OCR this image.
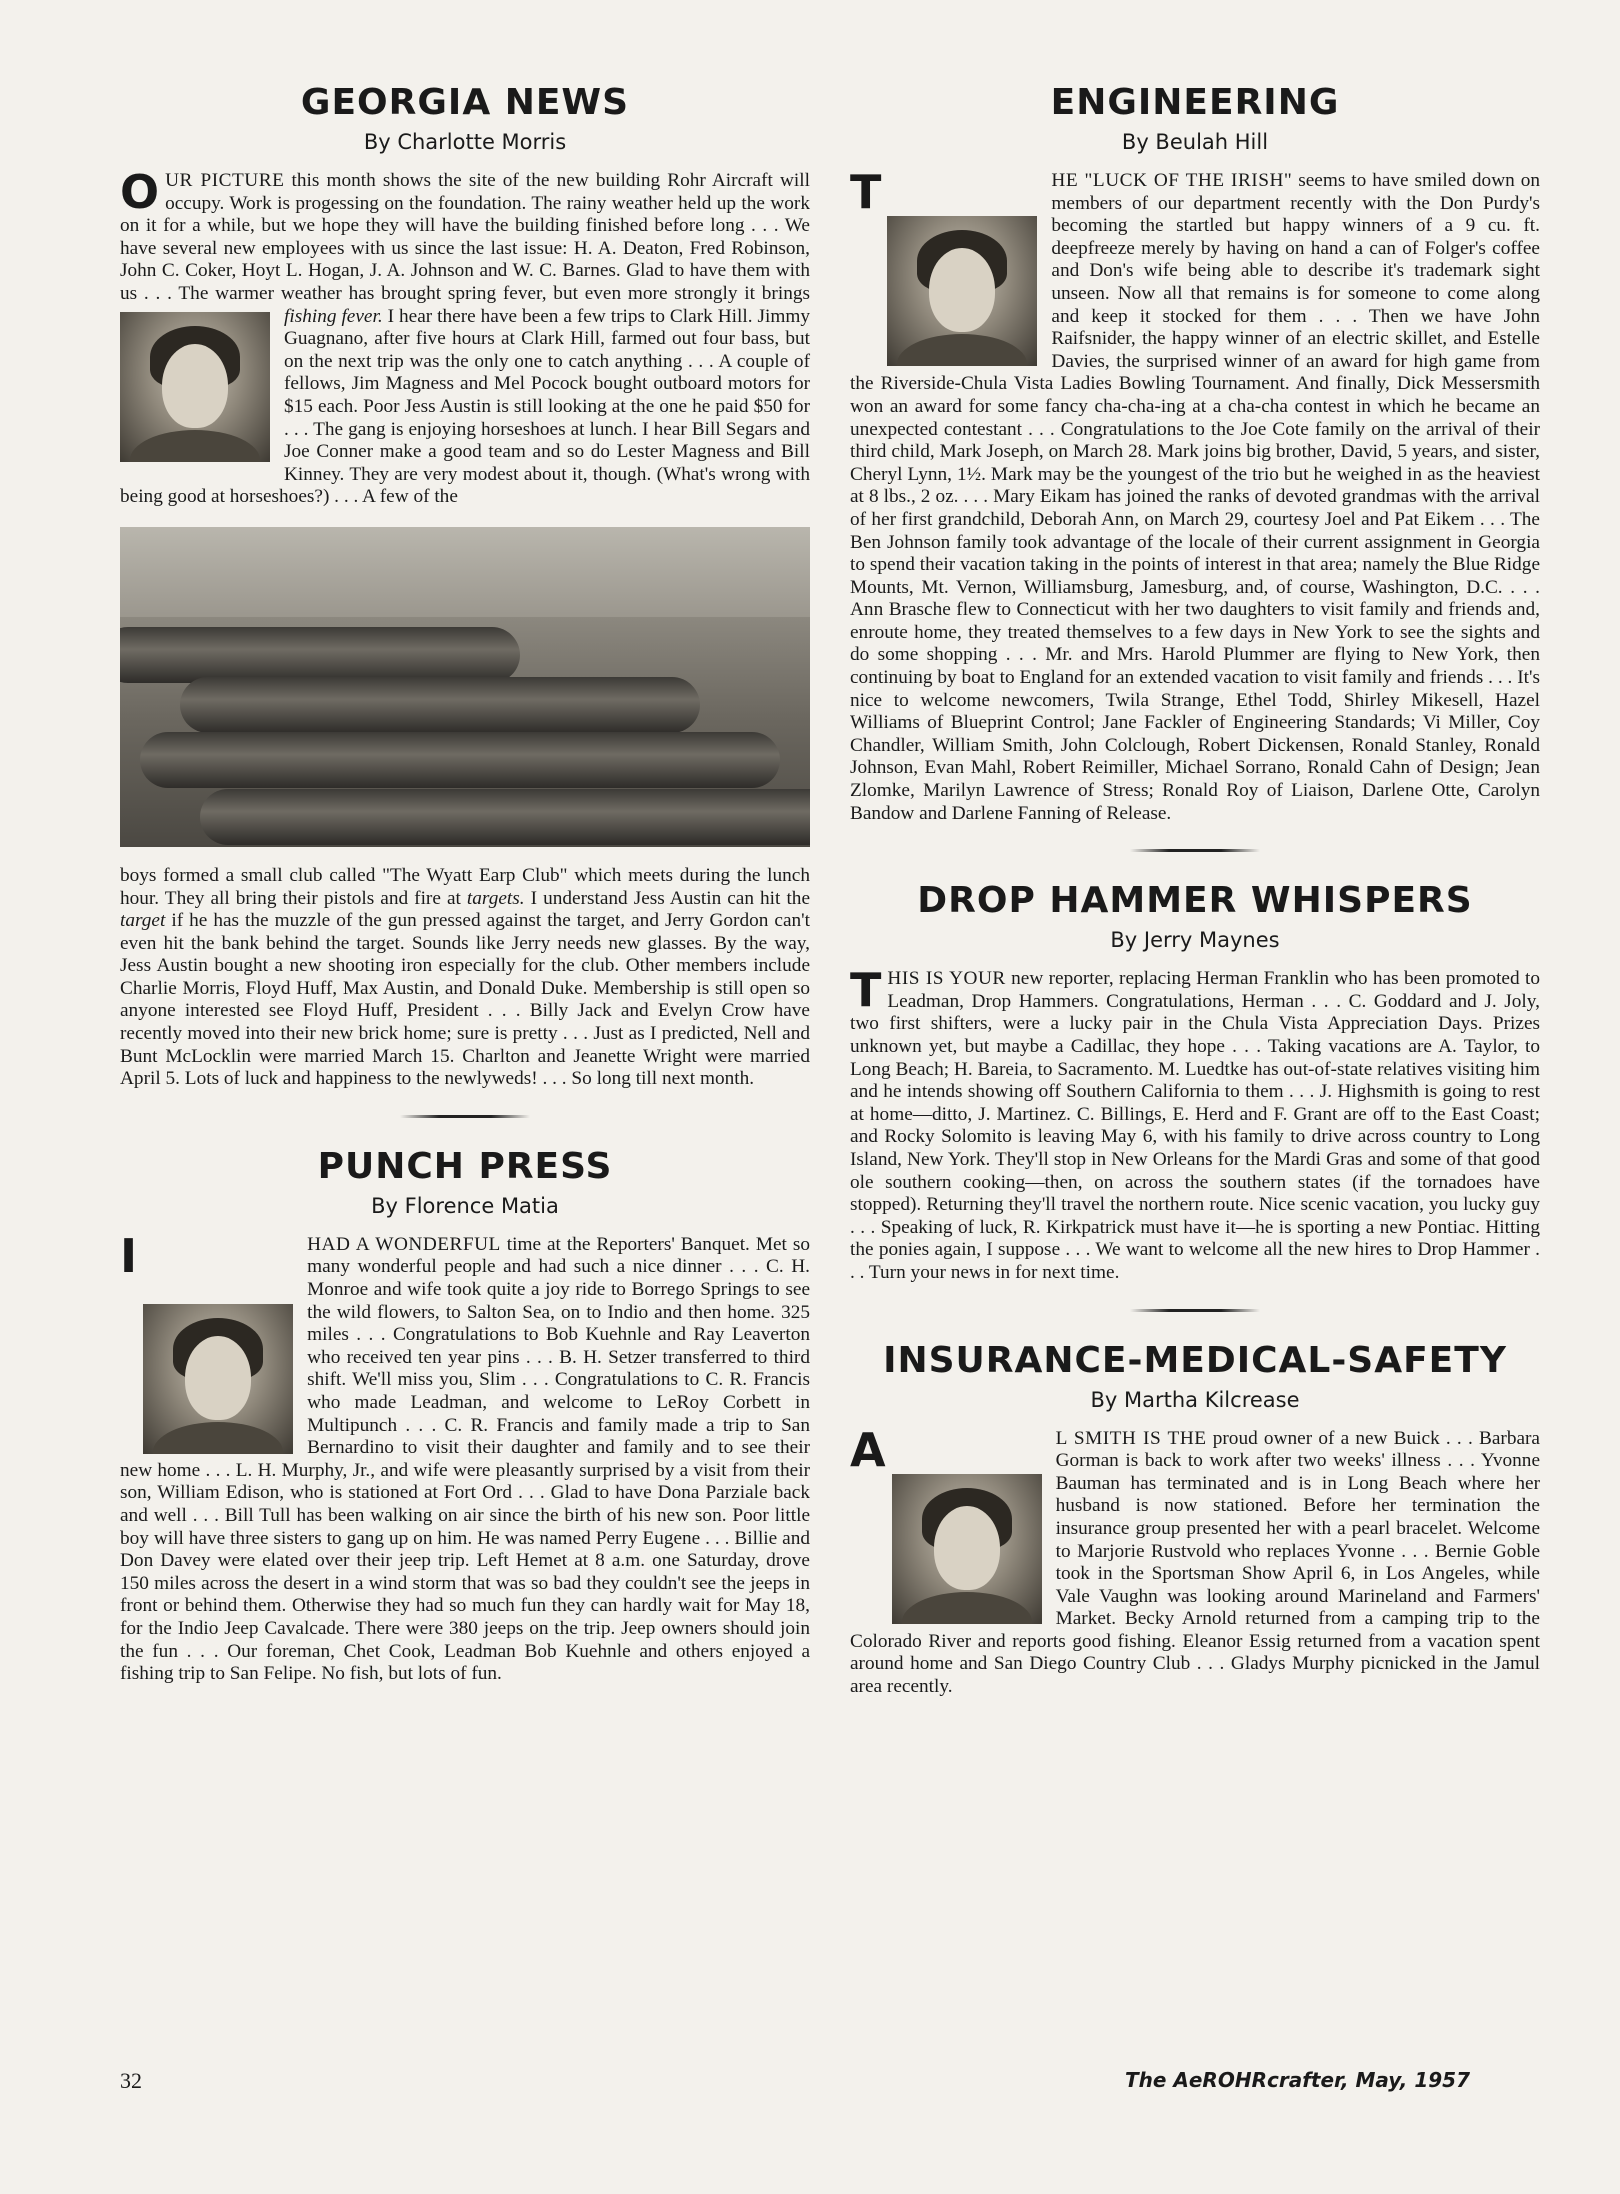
GEORGIA NEWS
By Charlotte Morris

OUR PICTURE this month shows the site of the new building Rohr Aircraft will occupy. Work is progessing on the foundation. The rainy weather held up the work on it for a while, but we hope they will have the building finished before long . . . We have several new employees with us since the last issue: H. A. Deaton, Fred Robinson, John C. Coker, Hoyt L. Hogan, J. A. Johnson and W. C. Barnes. Glad to have them with us . . . The warmer weather has brought spring fever, but even more strongly it brings
fishing fever. I hear there have been a few trips to Clark Hill. Jimmy Guagnano, after five hours at Clark Hill, farmed out four bass, but on the next trip was the only one to catch anything . . . A couple of fellows, Jim Magness and Mel Pocock bought outboard motors for $15 each. Poor Jess Austin is still looking at the one he paid $50 for . . . The gang is enjoying horseshoes at lunch. I hear Bill Segars and Joe Conner make a good team and so do Lester Magness and Bill Kinney. They are very modest about it, though. (What's wrong with being good at horseshoes?) . . . A few of the

boys formed a small club called "The Wyatt Earp Club" which meets during the lunch hour. They all bring their pistols and fire at targets. I understand Jess Austin can hit the target if he has the muzzle of the gun pressed against the target, and Jerry Gordon can't even hit the bank behind the target. Sounds like Jerry needs new glasses. By the way, Jess Austin bought a new shooting iron especially for the club. Other members include Charlie Morris, Floyd Huff, Max Austin, and Donald Duke. Membership is still open so anyone interested see Floyd Huff, President . . . Billy Jack and Evelyn Crow have recently moved into their new brick home; sure is pretty . . . Just as I predicted, Nell and Bunt McLocklin were married March 15. Charlton and Jeanette Wright were married April 5. Lots of luck and happiness to the newlyweds! . . . So long till next month.

PUNCH PRESS
By Florence Matia

I	HAD A WONDERFUL time at the Reporters' Banquet. Met so many wonderful people and had such a nice dinner . . . C. H. Monroe and wife took quite a joy ride to Borrego Springs to see the wild flowers, to Salton Sea, on to Indio and then home. 325 miles . . . Congratulations to Bob Kuehnle and Ray Leaverton who received ten year pins . . . B. H. Setzer transferred to third shift. We'll miss you, Slim . . . Congratulations to C. R. Francis who made Leadman, and welcome to LeRoy Corbett in Multipunch . . . C. R. Francis and family made a trip to San Bernardino to visit their daughter and family and to see their new home . . . L. H. Murphy, Jr., and wife were pleasantly surprised by a visit from their son, William Edison, who is stationed at Fort Ord . . . Glad to have Dona Parziale back and well . . . Bill Tull has been walking on air since the birth of his new son. Poor little boy will have three sisters to gang up on him. He was named Perry Eugene . . . Billie and Don Davey were elated over their jeep trip. Left Hemet at 8 a.m. one Saturday, drove 150 miles across the desert in a wind storm that was so bad they couldn't see the jeeps in front or behind them. Otherwise they had so much fun they can hardly wait for May 18, for the Indio Jeep Cavalcade. There were 380 jeeps on the trip. Jeep owners should join the fun . . . Our foreman, Chet Cook, Leadman Bob Kuehnle and others enjoyed a fishing trip to San Felipe. No fish, but lots of fun.

ENGINEERING
By Beulah Hill

T	HE "LUCK OF THE IRISH" seems to have smiled down on members of our department recently with the Don Purdy's becoming the startled but happy winners of a 9 cu. ft. deepfreeze merely by having on hand a can of Folger's coffee and Don's wife being able to describe it's trademark sight unseen. Now all that remains is for someone to come along and keep it stocked for them . . . Then we have John Raifsnider, the happy winner of an electric skillet, and Estelle Davies, the surprised winner of an award for high game from the Riverside-Chula Vista Ladies Bowling Tournament. And finally, Dick Messersmith won an award for some fancy cha-cha-ing at a cha-cha contest in which he became an unexpected contestant . . . Congratulations to the Joe Cote family on the arrival of their third child, Mark Joseph, on March 28. Mark joins big brother, David, 5 years, and sister, Cheryl Lynn, 1½. Mark may be the youngest of the trio but he weighed in as the heaviest at 8 lbs., 2 oz. . . . Mary Eikam has joined the ranks of devoted grandmas with the arrival of her first grandchild, Deborah Ann, on March 29, courtesy Joel and Pat Eikem . . . The Ben Johnson family took advantage of the locale of their current assignment in Georgia to spend their vacation taking in the points of interest in that area; namely the Blue Ridge Mounts, Mt. Vernon, Williamsburg, Jamesburg, and, of course, Washington, D.C. . . . Ann Brasche flew to Connecticut with her two daughters to visit family and friends and, enroute home, they treated themselves to a few days in New York to see the sights and do some shopping . . . Mr. and Mrs. Harold Plummer are flying to New York, then continuing by boat to England for an extended vacation to visit family and friends . . . It's nice to welcome newcomers, Twila Strange, Ethel Todd, Shirley Mikesell, Hazel Williams of Blueprint Control; Jane Fackler of Engineering Standards; Vi Miller, Coy Chandler, William Smith, John Colclough, Robert Dickensen, Ronald Stanley, Ronald Johnson, Evan Mahl, Robert Reimiller, Michael Sorrano, Ronald Cahn of Design; Jean Zlomke, Marilyn Lawrence of Stress; Ronald Roy of Liaison, Darlene Otte, Carolyn Bandow and Darlene Fanning of Release.

DROP HAMMER WHISPERS
By Jerry Maynes

THIS IS YOUR new reporter, replacing Herman Franklin who has been promoted to Leadman, Drop Hammers. Congratulations, Herman . . . C. Goddard and J. Joly, two first shifters, were a lucky pair in the Chula Vista Appreciation Days. Prizes unknown yet, but maybe a Cadillac, they hope . . . Taking vacations are A. Taylor, to Long Beach; H. Bareia, to Sacramento. M. Luedtke has out-of-state relatives visiting him and he intends showing off Southern California to them . . . J. Highsmith is going to rest at home—ditto, J. Martinez. C. Billings, E. Herd and F. Grant are off to the East Coast; and Rocky Solomito is leaving May 6, with his family to drive across country to Long Island, New York. They'll stop in New Orleans for the Mardi Gras and some of that good ole southern cooking—then, on across the southern states (if the tornadoes have stopped). Returning they'll travel the northern route. Nice scenic vacation, you lucky guy . . . Speaking of luck, R. Kirkpatrick must have it—he is sporting a new Pontiac. Hitting the ponies again, I suppose . . . We want to welcome all the new hires to Drop Hammer . . . Turn your news in for next time.

INSURANCE-MEDICAL-SAFETY
By Martha Kilcrease

A	L SMITH IS THE proud owner of a new Buick . . . Barbara Gorman is back to work after two weeks' illness . . . Yvonne Bauman has terminated and is in Long Beach where her husband is now stationed. Before her termination the insurance group presented her with a pearl bracelet. Welcome to Marjorie Rustvold who replaces Yvonne . . . Bernie Goble took in the Sportsman Show April 6, in Los Angeles, while Vale Vaughn was looking around Marineland and Farmers' Market. Becky Arnold returned from a camping trip to the Colorado River and reports good fishing. Eleanor Essig returned from a vacation spent around home and San Diego Country Club . . . Gladys Murphy picnicked in the Jamul area recently.

32	The AeROHRcrafter, May, 1957
